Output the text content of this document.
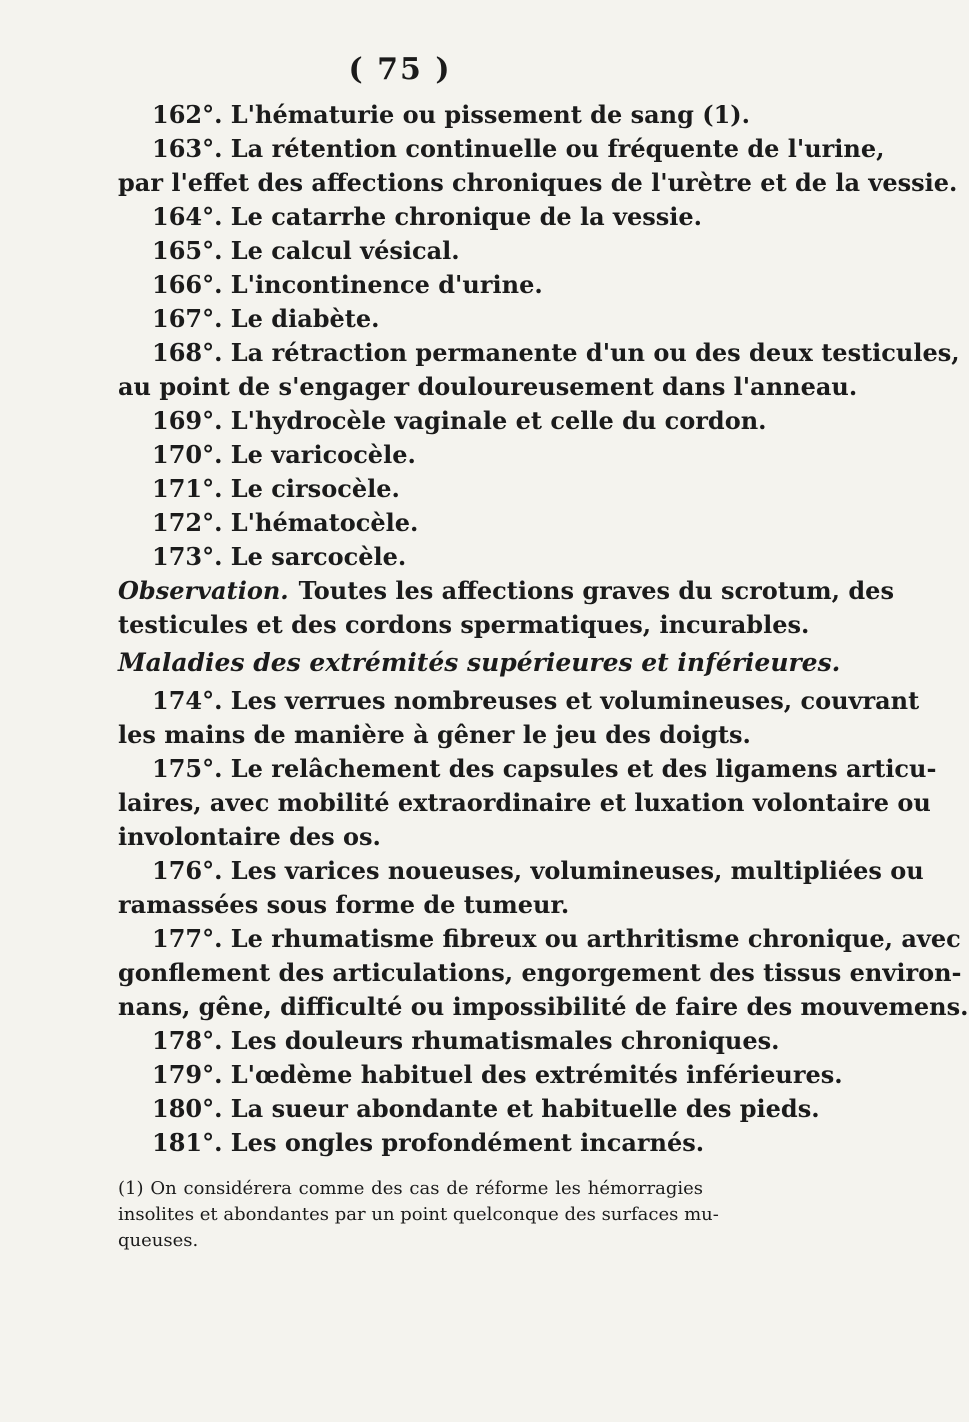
( 75 )
162°. L'hématurie ou pissement de sang (1).
163°. La rétention continuelle ou fréquente de l'urine,
par l'effet des affections chroniques de l'urètre et de la vessie.
164°. Le catarrhe chronique de la vessie.
165°. Le calcul vésical.
166°. L'incontinence d'urine.
167°. Le diabète.
168°. La rétraction permanente d'un ou des deux testicules,
au point de s'engager douloureusement dans l'anneau.
169°. L'hydrocèle vaginale et celle du cordon.
170°. Le varicocèle.
171°. Le cirsocèle.
172°. L'hématocèle.
173°. Le sarcocèle.
Observation. Toutes les affections graves du scrotum, des
testicules et des cordons spermatiques, incurables.
Maladies des extrémités supérieures et inférieures.
174°. Les verrues nombreuses et volumineuses, couvrant
les mains de manière à gêner le jeu des doigts.
175°. Le relâchement des capsules et des ligamens articu-
laires, avec mobilité extraordinaire et luxation volontaire ou
involontaire des os.
176°. Les varices noueuses, volumineuses, multipliées ou
ramassées sous forme de tumeur.
177°. Le rhumatisme fibreux ou arthritisme chronique, avec
gonflement des articulations, engorgement des tissus environ-
nans, gêne, difficulté ou impossibilité de faire des mouvemens.
178°. Les douleurs rhumatismales chroniques.
179°. L'œdème habituel des extrémités inférieures.
180°. La sueur abondante et habituelle des pieds.
181°. Les ongles profondément incarnés.
(1) On considérera comme des cas de réforme les hémorragies
insolites et abondantes par un point quelconque des surfaces mu-
queuses.
